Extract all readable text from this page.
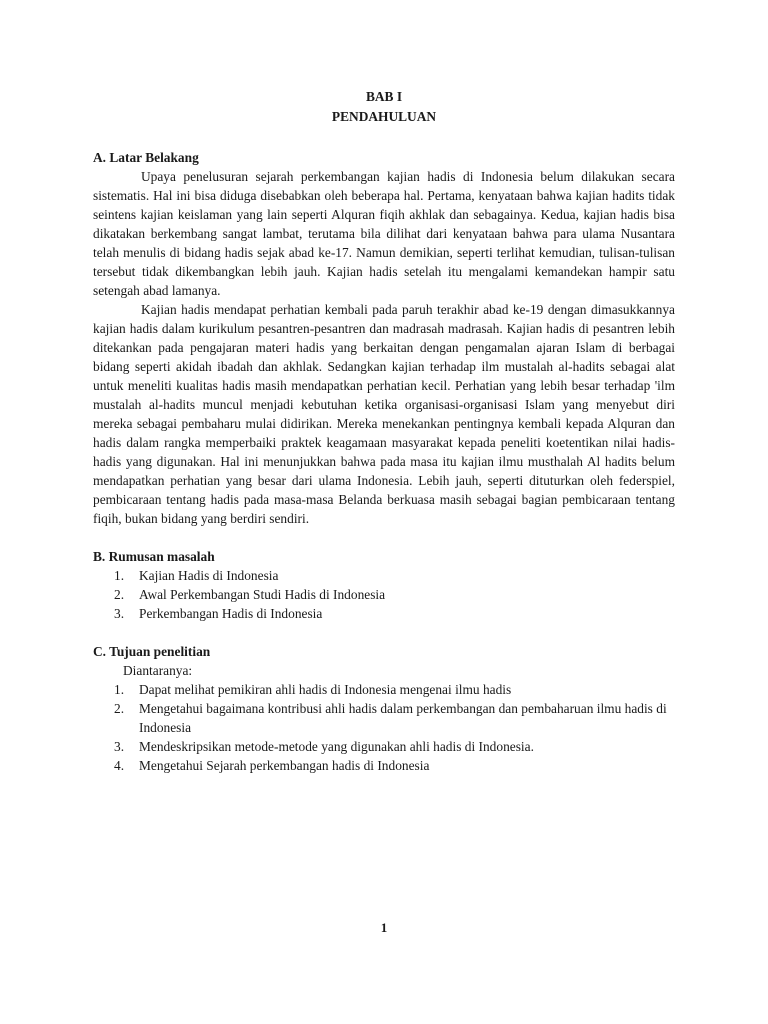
BAB I
PENDAHULUAN
A. Latar Belakang

Upaya penelusuran sejarah perkembangan kajian hadis di Indonesia belum dilakukan secara sistematis. Hal ini bisa diduga disebabkan oleh beberapa hal. Pertama, kenyataan bahwa kajian hadits tidak seintens kajian keislaman yang lain seperti Alquran fiqih akhlak dan sebagainya. Kedua, kajian hadis bisa dikatakan berkembang sangat lambat, terutama bila dilihat dari kenyataan bahwa para ulama Nusantara telah menulis di bidang hadis sejak abad ke-17. Namun demikian, seperti terlihat kemudian, tulisan-tulisan tersebut tidak dikembangkan lebih jauh. Kajian hadis setelah itu mengalami kemandekan hampir satu setengah abad lamanya.

Kajian hadis mendapat perhatian kembali pada paruh terakhir abad ke-19 dengan dimasukkannya kajian hadis dalam kurikulum pesantren-pesantren dan madrasah madrasah. Kajian hadis di pesantren lebih ditekankan pada pengajaran materi hadis yang berkaitan dengan pengamalan ajaran Islam di berbagai bidang seperti akidah ibadah dan akhlak. Sedangkan kajian terhadap ilm mustalah al-hadits sebagai alat untuk meneliti kualitas hadis masih mendapatkan perhatian kecil. Perhatian yang lebih besar terhadap 'ilm mustalah al-hadits muncul menjadi kebutuhan ketika organisasi-organisasi Islam yang menyebut diri mereka sebagai pembaharu mulai didirikan. Mereka menekankan pentingnya kembali kepada Alquran dan hadis dalam rangka memperbaiki praktek keagamaan masyarakat kepada peneliti koetentikan nilai hadis-hadis yang digunakan. Hal ini menunjukkan bahwa pada masa itu kajian ilmu musthalah Al hadits belum mendapatkan perhatian yang besar dari ulama Indonesia. Lebih jauh, seperti dituturkan oleh federspiel, pembicaraan tentang hadis pada masa-masa Belanda berkuasa masih sebagai bagian pembicaraan tentang fiqih, bukan bidang yang berdiri sendiri.

B. Rumusan masalah
1. Kajian Hadis di Indonesia
2. Awal Perkembangan Studi Hadis di Indonesia
3. Perkembangan Hadis di Indonesia
C. Tujuan penelitian
Diantaranya:
1. Dapat melihat pemikiran ahli hadis di Indonesia mengenai ilmu hadis
2. Mengetahui bagaimana kontribusi ahli hadis dalam perkembangan dan pembaharuan ilmu hadis di Indonesia
3. Mendeskripsikan metode-metode yang digunakan ahli hadis di Indonesia.
4. Mengetahui Sejarah perkembangan hadis di Indonesia
1
